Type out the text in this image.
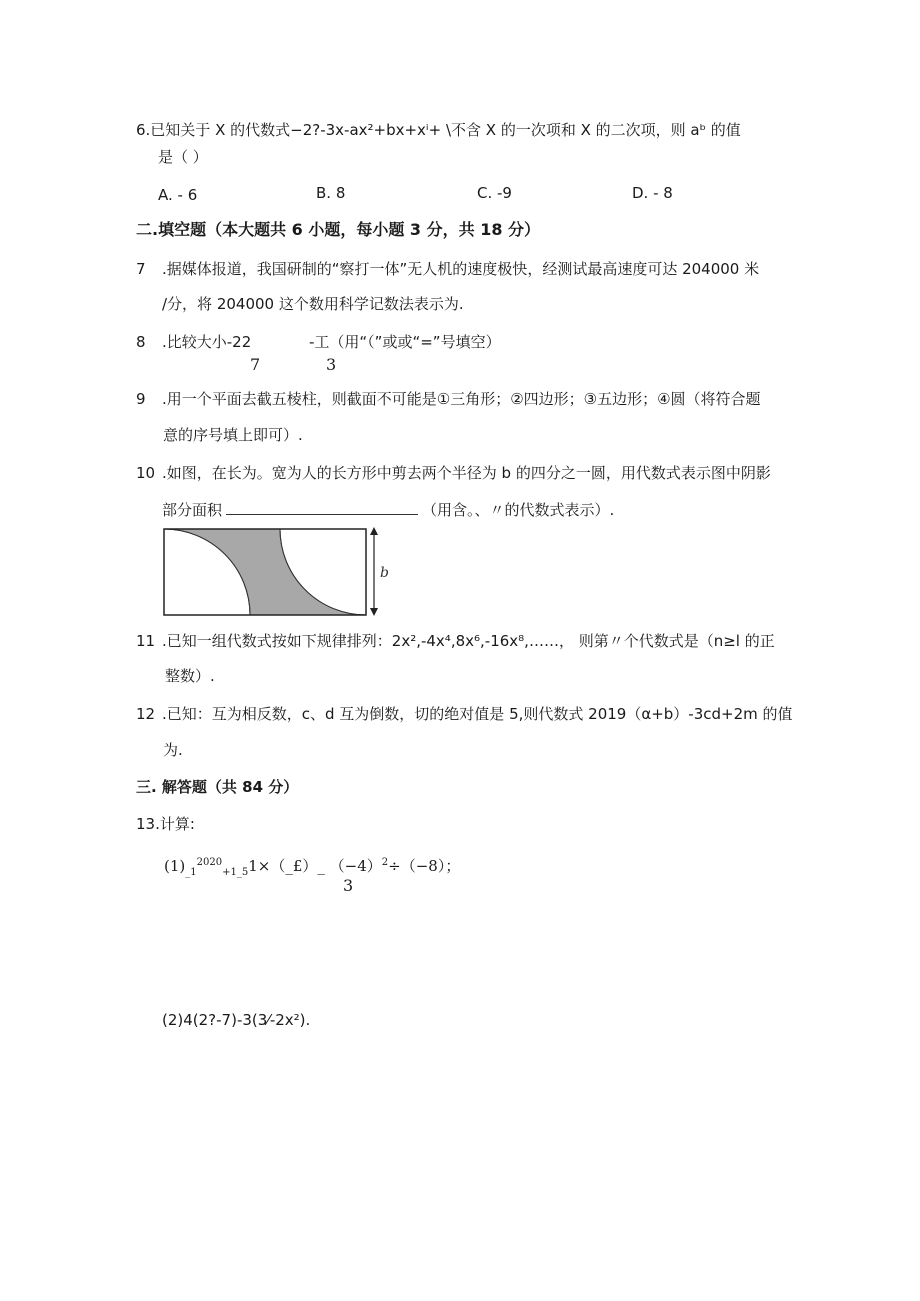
6.已知关于 X 的代数式−2?-3x-ax²+bx+xⁱ+ \不含 X 的一次项和 X 的二次项，则 aᵇ 的值
是（ ）
A. - 6	B. 8	C. -9	D. - 8
二.填空题（本大题共 6 小题，每小题 3 分，共 18 分）
7 .据媒体报道，我国研制的“察打一体”无人机的速度极快，经测试最高速度可达 204000 米
/分，将 204000 这个数用科学记数法表示为.
8 .比较大小-22	-工（用“（”或或“=”号填空）
7	3
9 .用一个平面去截五棱柱，则截面不可能是①三角形；②四边形；③五边形；④圆（将符合题
意的序号填上即可）.
10 .如图，在长为。宽为人的长方形中剪去两个半径为 b 的四分之一圆，用代数式表示图中阴影
部分面积	（用含。、〃的代数式表示）.
b
11 .已知一组代数式按如下规律排列：2x²,-4x⁴,8x⁶,-16x⁸,……， 则第〃个代数式是（n≥l 的正
整数）.
12 .已知：互为相反数，c、d 互为倒数，切的绝对值是 5,则代数式 2019（α+b）-3cd+2m 的值
为.
三. 解答题（共 84 分）
13.计算:
$(1)_{\_1}^{2020}_{+1\_5}1\times(\_£)\_$ $(-4)^2\div(-8)$；
3
(2)4(2?-7)-3(3⁄-2x²).
